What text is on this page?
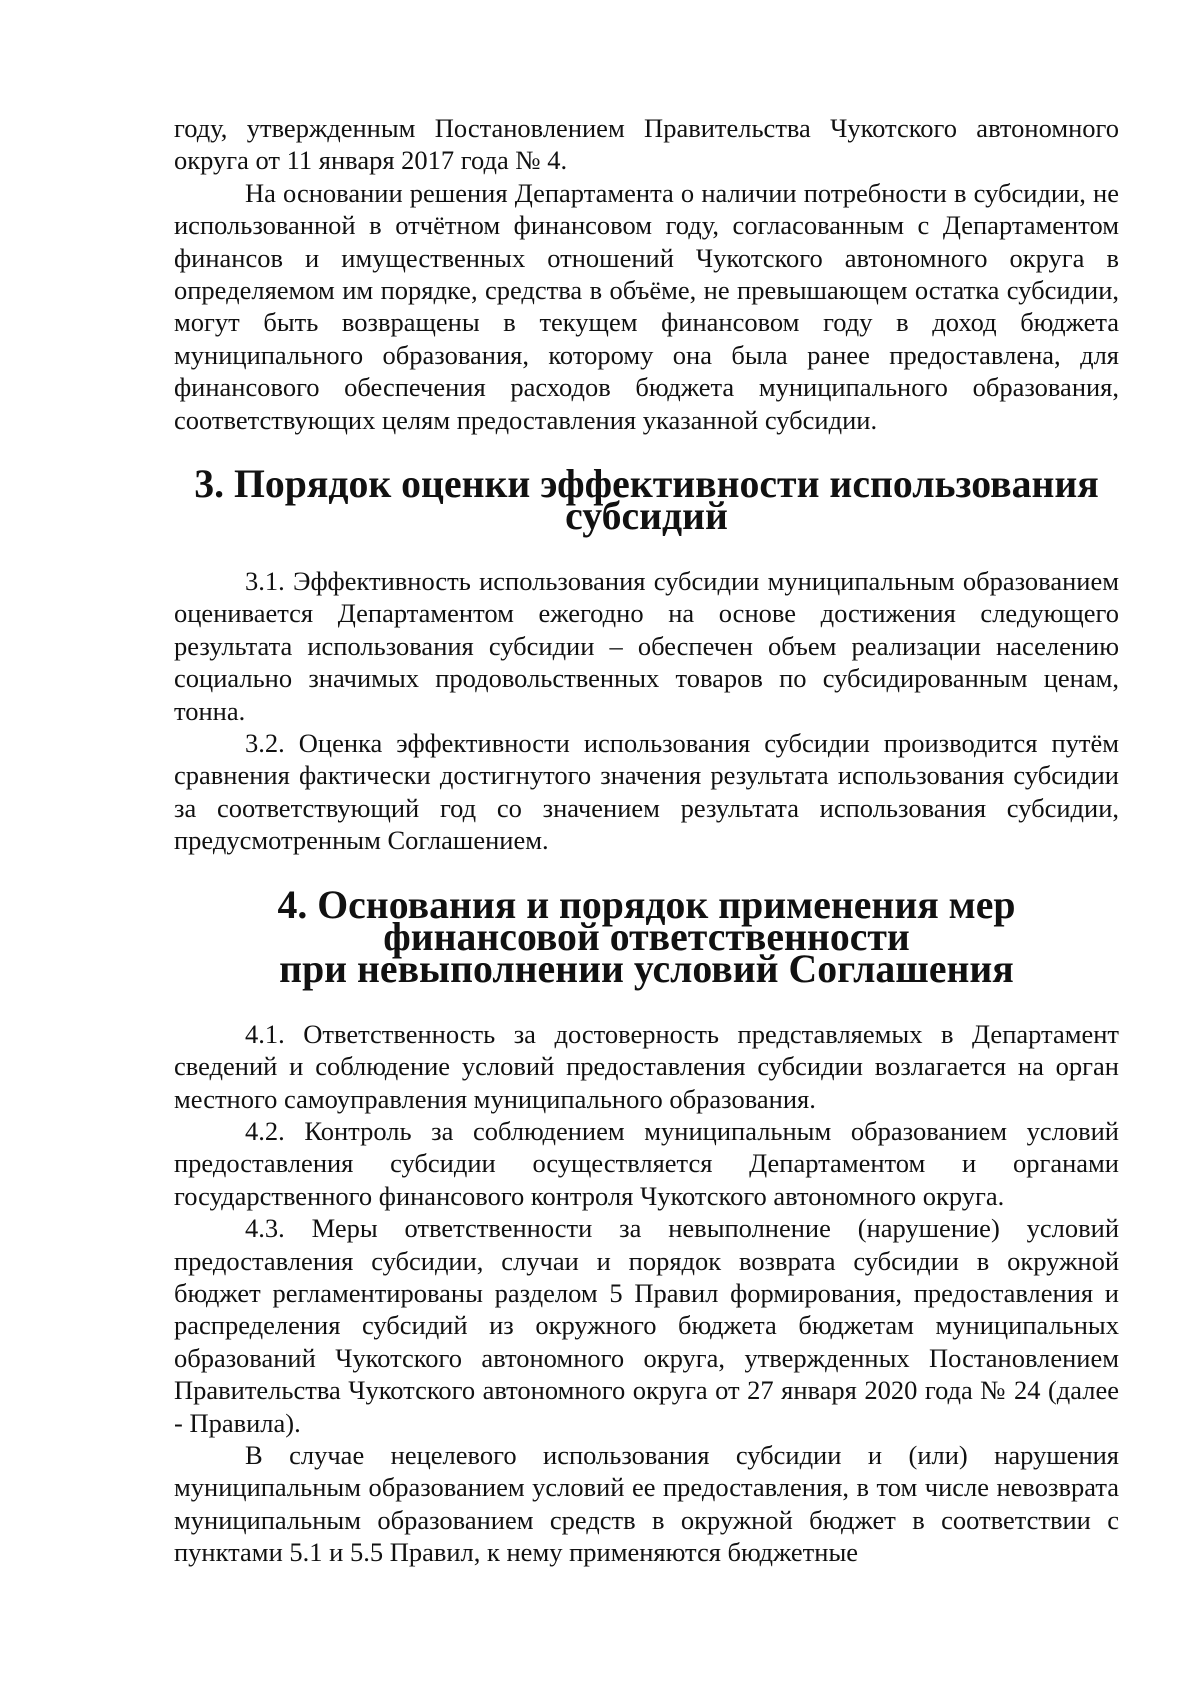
году, утвержденным Постановлением Правительства Чукотского автономного округа от 11 января 2017 года № 4.

На основании решения Департамента о наличии потребности в субсидии, не использованной в отчётном финансовом году, согласованным с Департаментом финансов и имущественных отношений Чукотского автономного округа в определяемом им порядке, средства в объёме, не превышающем остатка субсидии, могут быть возвращены в текущем финансовом году в доход бюджета муниципального образования, которому она была ранее предоставлена, для финансового обеспечения расходов бюджета муниципального образования, соответствующих целям предоставления указанной субсидии.

3. Порядок оценки эффективности использования субсидий

3.1. Эффективность использования субсидии муниципальным образованием оценивается Департаментом ежегодно на основе достижения следующего результата использования субсидии – обеспечен объем реализации населению социально значимых продовольственных товаров по субсидированным ценам, тонна.

3.2. Оценка эффективности использования субсидии производится путём сравнения фактически достигнутого значения результата использования субсидии за соответствующий год со значением результата использования субсидии, предусмотренным Соглашением.

4. Основания и порядок применения мер финансовой ответственности
при невыполнении условий Соглашения

4.1. Ответственность за достоверность представляемых в Департамент сведений и соблюдение условий предоставления субсидии возлагается на орган местного самоуправления муниципального образования.

4.2. Контроль за соблюдением муниципальным образованием условий предоставления субсидии осуществляется Департаментом и органами государственного финансового контроля Чукотского автономного округа.

4.3. Меры ответственности за невыполнение (нарушение) условий предоставления субсидии, случаи и порядок возврата субсидии в окружной бюджет регламентированы разделом 5 Правил формирования, предоставления и распределения субсидий из окружного бюджета бюджетам муниципальных образований Чукотского автономного округа, утвержденных Постановлением Правительства Чукотского автономного округа от 27 января 2020 года № 24 (далее - Правила).

В случае нецелевого использования субсидии и (или) нарушения муниципальным образованием условий ее предоставления, в том числе невозврата муниципальным образованием средств в окружной бюджет в соответствии с пунктами 5.1 и 5.5 Правил, к нему применяются бюджетные
